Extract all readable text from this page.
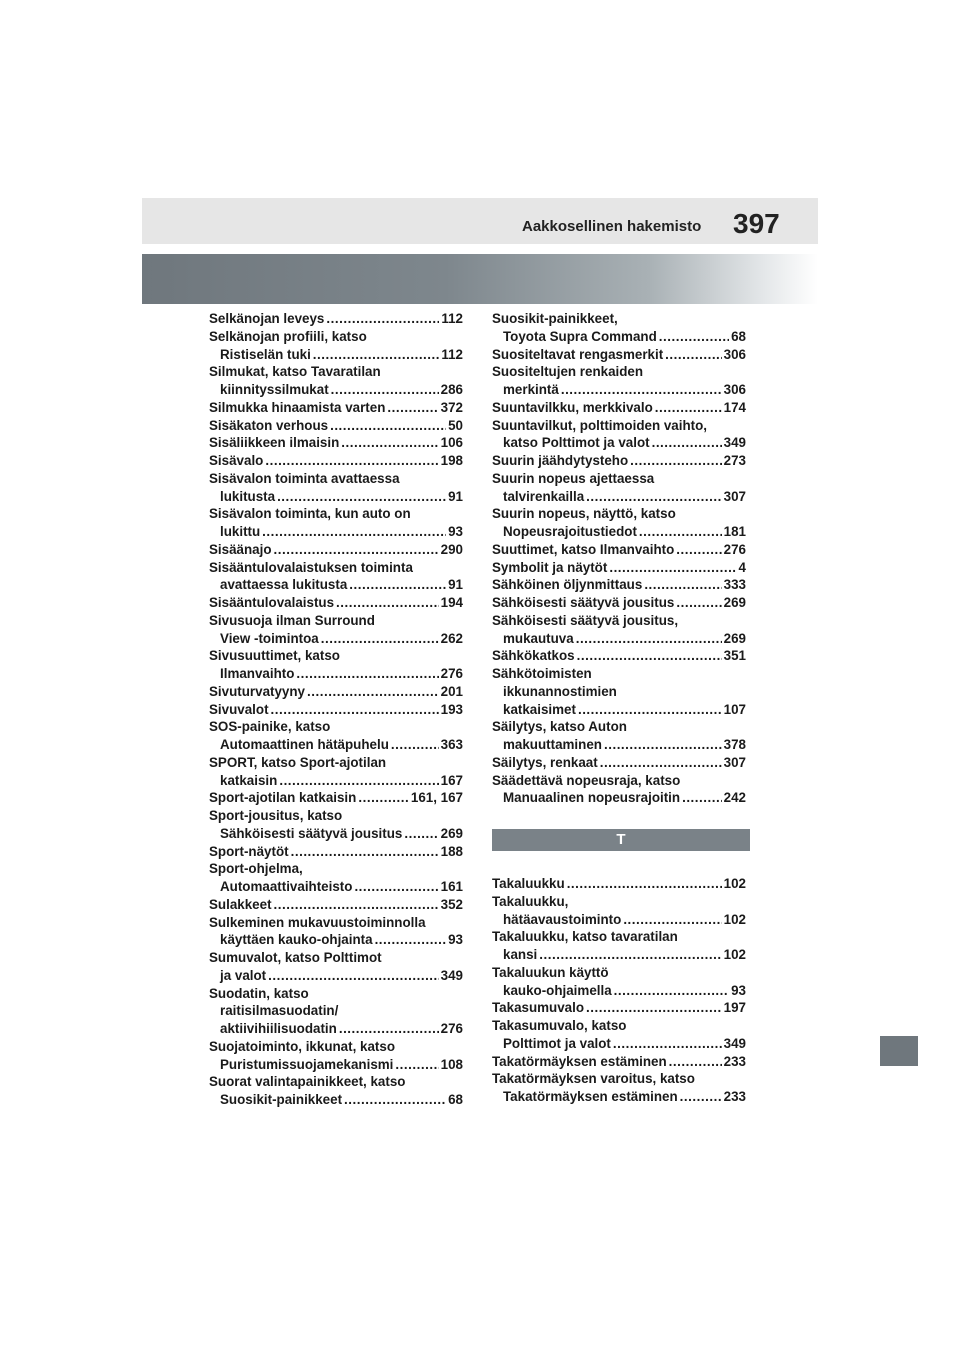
Aakkosellinen hakemisto 397
Selkänojan leveys . . .	112
Selkänojan profiili, katso
Ristiselän tuki . . .	112
Silmukat, katso Tavaratilan
kiinnityssilmukat . . .	286
Silmukka hinaamista varten . . .	372
Sisäkaton verhous . . .	50
Sisäliikkeen ilmaisin . . .	106
Sisävalo . . .	198
Sisävalon toiminta avattaessa
lukitusta . . .	91
Sisävalon toiminta, kun auto on
lukittu . . .	93
Sisäänajo . . .	290
Sisääntulovalaistuksen toiminta
avattaessa lukitusta . . .	91
Sisääntulovalaistus . . .	194
Sivusuoja ilman Surround
View -toimintoa . . .	262
Sivusuuttimet, katso
Ilmanvaihto . . .	276
Sivuturvatyyny . . .	201
Sivuvalot . . .	193
SOS-painike, katso
Automaattinen hätäpuhelu . . .	363
SPORT, katso Sport-ajotilan
katkaisin . . .	167
Sport-ajotilan katkaisin . . .	161, 167
Sport-jousitus, katso
Sähköisesti säätyvä jousitus . . .	269
Sport-näytöt . . .	188
Sport-ohjelma,
Automaattivaihteisto . . .	161
Sulakkeet . . .	352
Sulkeminen mukavuustoiminnolla
käyttäen kauko-ohjainta . . .	93
Sumuvalot, katso Polttimot
ja valot . . .	349
Suodatin, katso
raitisilmasuodatin/
aktiivihiilisuodatin . . .	276
Suojatoiminto, ikkunat, katso
Puristumissuojamekanismi . . .	108
Suorat valintapainikkeet, katso
Suosikit-painikkeet . . .	68
Suosikit-painikkeet,
Toyota Supra Command . . .	68
Suositeltavat rengasmerkit . . .	306
Suositeltujen renkaiden
merkintä . . .	306
Suuntavilkku, merkkivalo . . .	174
Suuntavilkut, polttimoiden vaihto,
katso Polttimot ja valot . . .	349
Suurin jäähdytysteho . . .	273
Suurin nopeus ajettaessa
talvirenkailla . . .	307
Suurin nopeus, näyttö, katso
Nopeusrajoitustiedot . . .	181
Suuttimet, katso Ilmanvaihto . . .	276
Symbolit ja näytöt . . .	4
Sähköinen öljynmittaus . . .	333
Sähköisesti säätyvä jousitus . . .	269
Sähköisesti säätyvä jousitus,
mukautuva . . .	269
Sähkökatkos . . .	351
Sähkötoimisten
ikkunannostimien
katkaisimet . . .	107
Säilytys, katso Auton
makuuttaminen . . .	378
Säilytys, renkaat . . .	307
Säädettävä nopeusraja, katso
Manuaalinen nopeusrajoitin . . .	242
T
Takaluukku . . .	102
Takaluukku,
hätäavaustoiminto . . .	102
Takaluukku, katso tavaratilan
kansi . . .	102
Takaluukun käyttö
kauko-ohjaimella . . .	93
Takasumuvalo . . .	197
Takasumuvalo, katso
Polttimot ja valot . . .	349
Takatörmäyksen estäminen . . .	233
Takatörmäyksen varoitus, katso
Takatörmäyksen estäminen . . .	233
